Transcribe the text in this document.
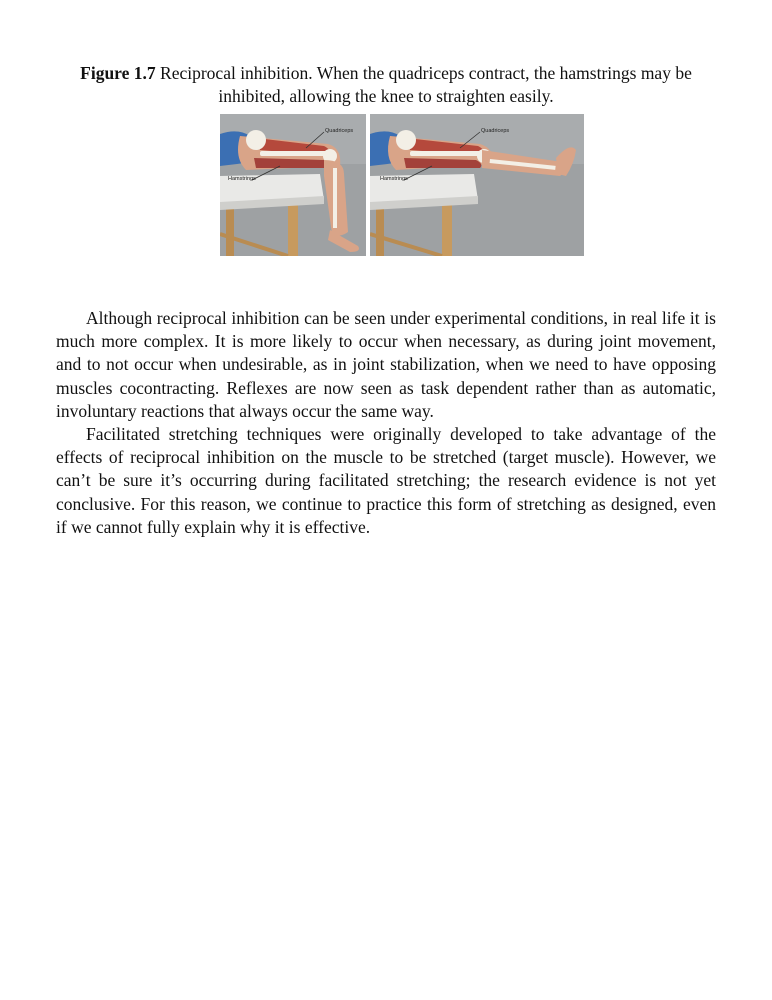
Figure 1.7 Reciprocal inhibition. When the quadriceps contract, the hamstrings may be inhibited, allowing the knee to straighten easily.
Quadriceps
Hamstrings
Quadriceps
Hamstrings

Although reciprocal inhibition can be seen under experimental conditions, in real life it is much more complex. It is more likely to occur when necessary, as during joint movement, and to not occur when undesirable, as in joint stabilization, when we need to have opposing muscles cocontracting. Reflexes are now seen as task dependent rather than as automatic, involuntary reactions that always occur the same way.

Facilitated stretching techniques were originally developed to take advantage of the effects of reciprocal inhibition on the muscle to be stretched (target muscle). However, we can’t be sure it’s occurring during facilitated stretching; the research evidence is not yet conclusive. For this reason, we continue to practice this form of stretching as designed, even if we cannot fully explain why it is effective.
